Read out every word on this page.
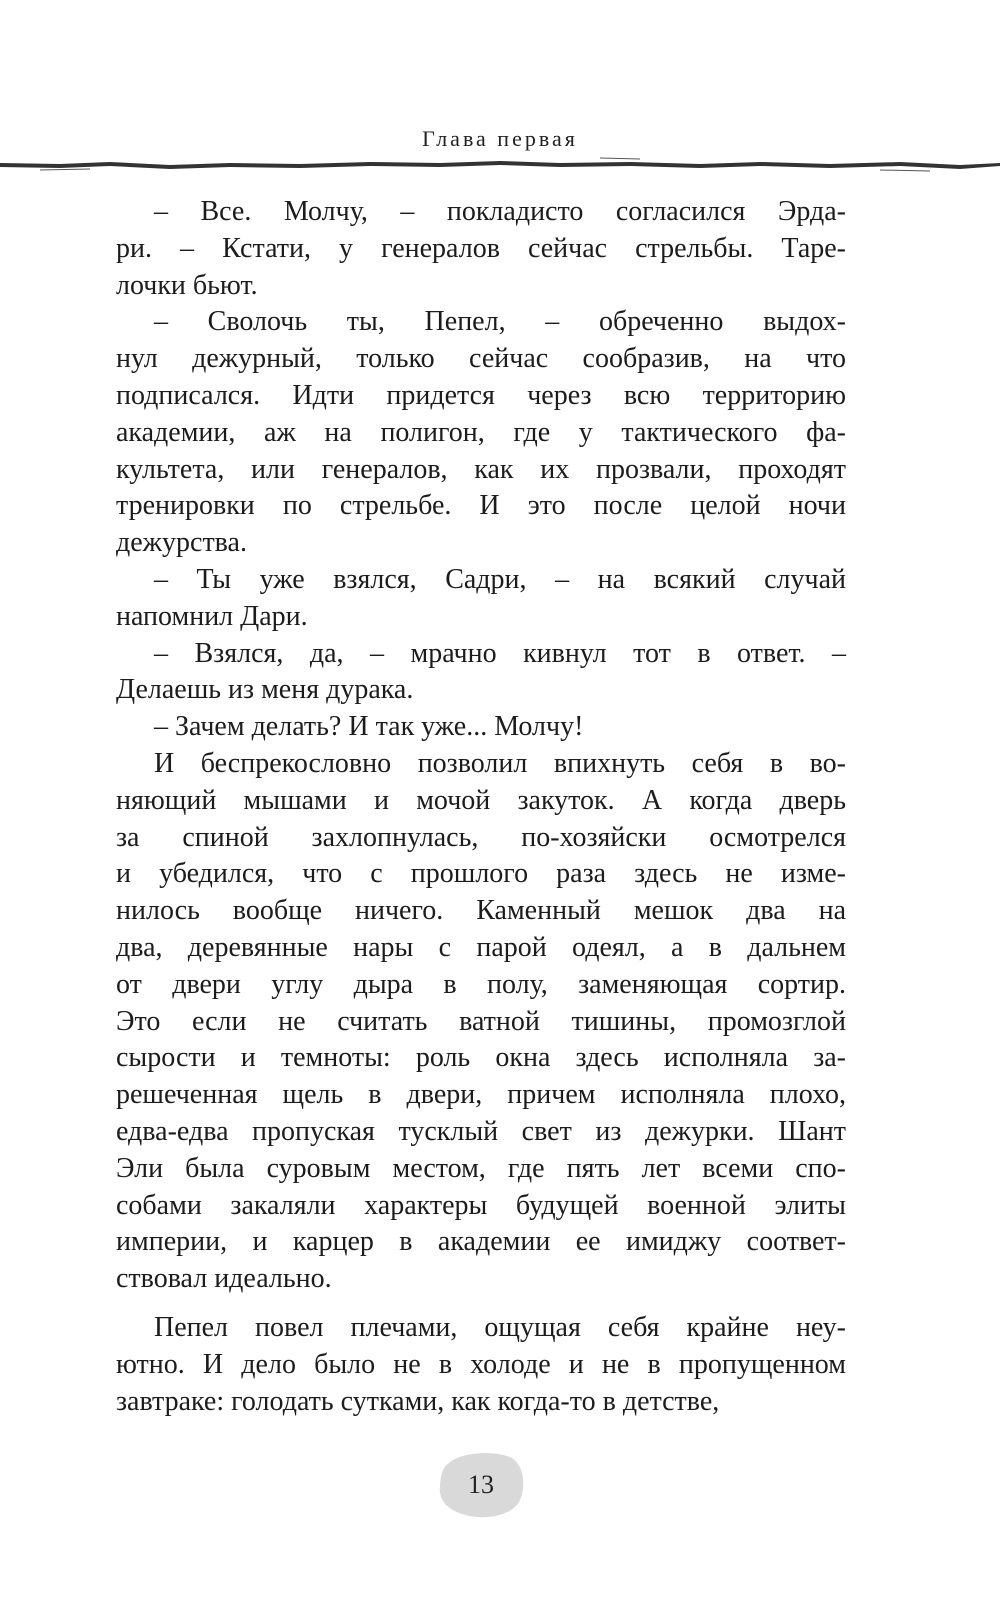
Глава первая
– Все. Молчу, – покладисто согласился Эрда-
ри. – Кстати, у генералов сейчас стрельбы. Таре-
лочки бьют.
– Сволочь ты, Пепел, – обреченно выдох-
нул дежурный, только сейчас сообразив, на что
подписался. Идти придется через всю территорию
академии, аж на полигон, где у тактического фа-
культета, или генералов, как их прозвали, проходят
тренировки по стрельбе. И это после целой ночи
дежурства.
– Ты уже взялся, Садри, – на всякий случай
напомнил Дари.
– Взялся, да, – мрачно кивнул тот в ответ. –
Делаешь из меня дурака.
– Зачем делать? И так уже... Молчу!
И беспрекословно позволил впихнуть себя в во-
няющий мышами и мочой закуток. А когда дверь
за спиной захлопнулась, по-хозяйски осмотрелся
и убедился, что с прошлого раза здесь не изме-
нилось вообще ничего. Каменный мешок два на
два, деревянные нары с парой одеял, а в дальнем
от двери углу дыра в полу, заменяющая сортир.
Это если не считать ватной тишины, промозглой
сырости и темноты: роль окна здесь исполняла за-
решеченная щель в двери, причем исполняла плохо,
едва-едва пропуская тусклый свет из дежурки. Шант
Эли была суровым местом, где пять лет всеми спо-
собами закаляли характеры будущей военной элиты
империи, и карцер в академии ее имиджу соответ-
ствовал идеально.
Пепел повел плечами, ощущая себя крайне неу-
ютно. И дело было не в холоде и не в пропущенном
завтраке: голодать сутками, как когда-то в детстве,
13
